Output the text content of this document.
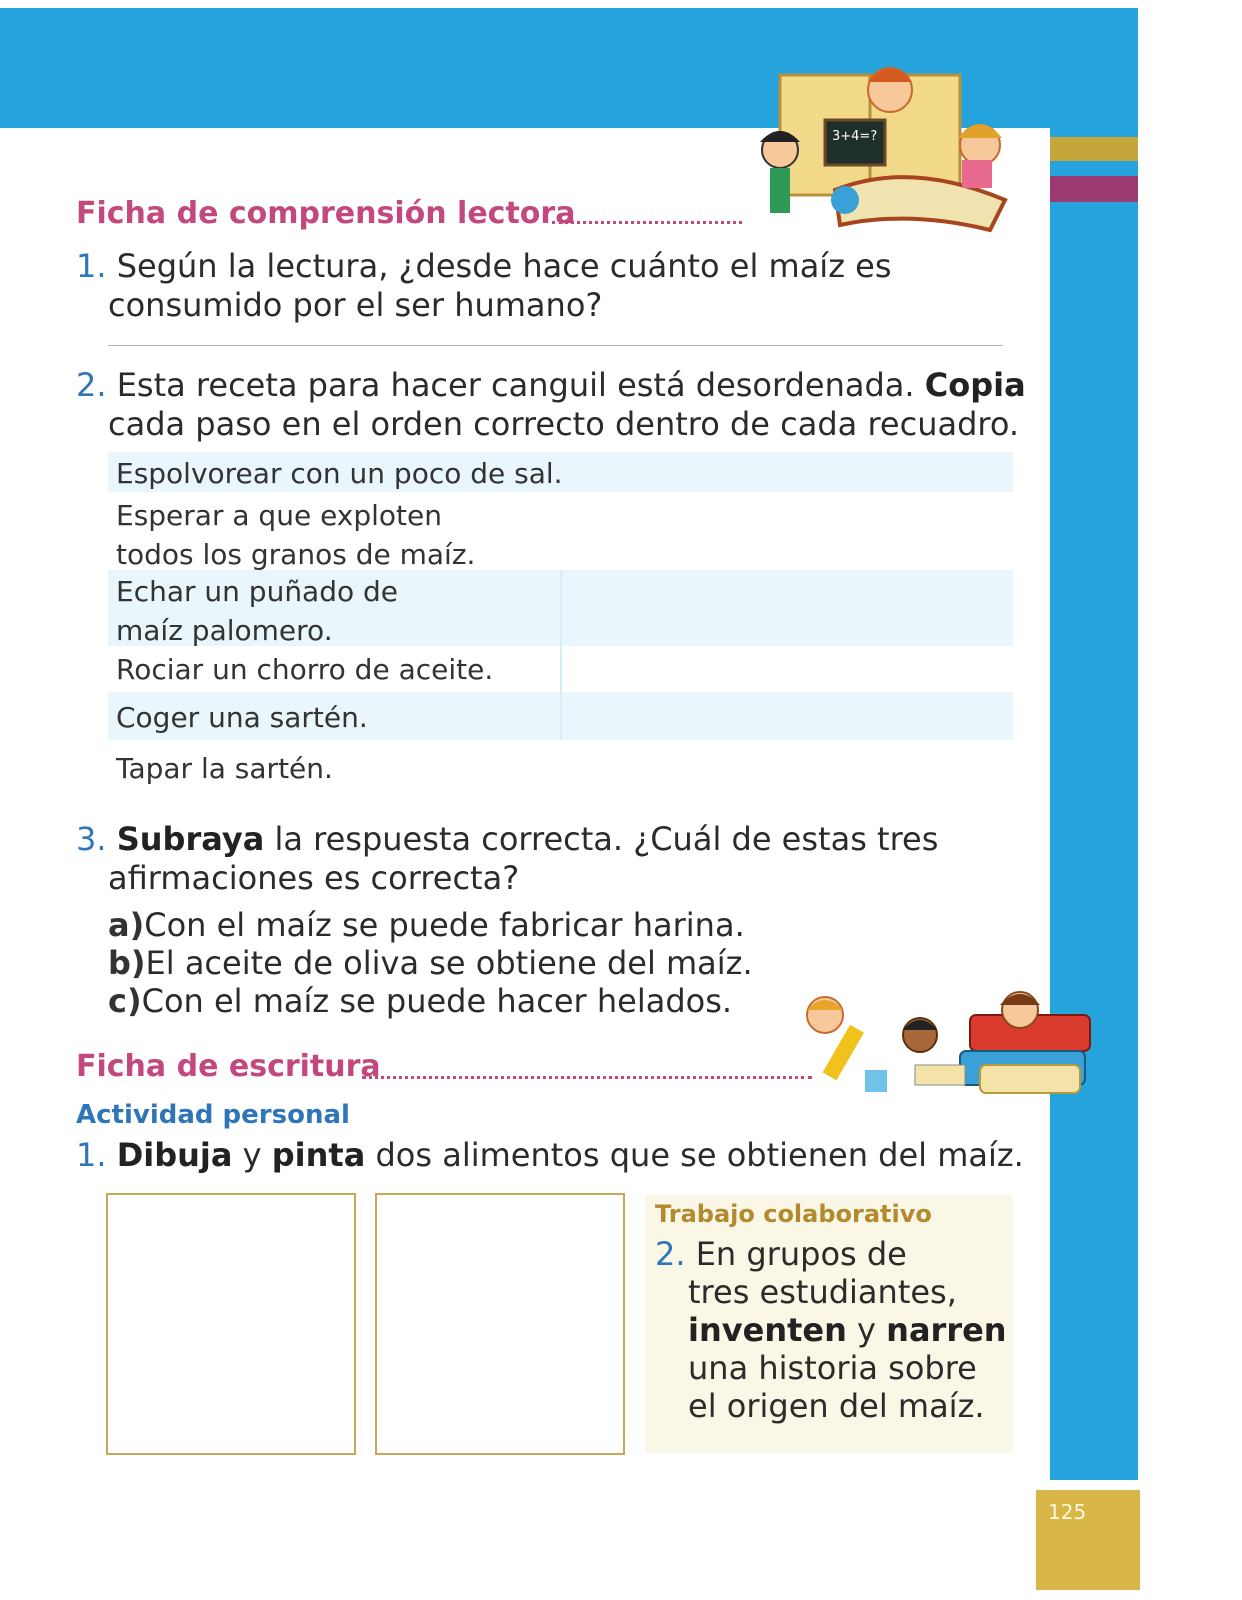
125
3+4=?
Ficha de comprensión lectora
1. Según la lectura, ¿desde hace cuánto el maíz es
consumido por el ser humano?
2. Esta receta para hacer canguil está desordenada. Copia
cada paso en el orden correcto dentro de cada recuadro.
Espolvorear con un poco de sal.
Esperar a que exploten
todos los granos de maíz.
Echar un puñado de
maíz palomero.
Rociar un chorro de aceite.
Coger una sartén.
Tapar la sartén.
3. Subraya la respuesta correcta. ¿Cuál de estas tres
afirmaciones es correcta?
a)Con el maíz se puede fabricar harina.
b)El aceite de oliva se obtiene del maíz.
c)Con el maíz se puede hacer helados.
Ficha de escritura
Actividad personal
1. Dibuja y pinta dos alimentos que se obtienen del maíz.
Trabajo colaborativo
2. En grupos de
tres estudiantes,
inventen y narren
una historia sobre
el origen del maíz.
